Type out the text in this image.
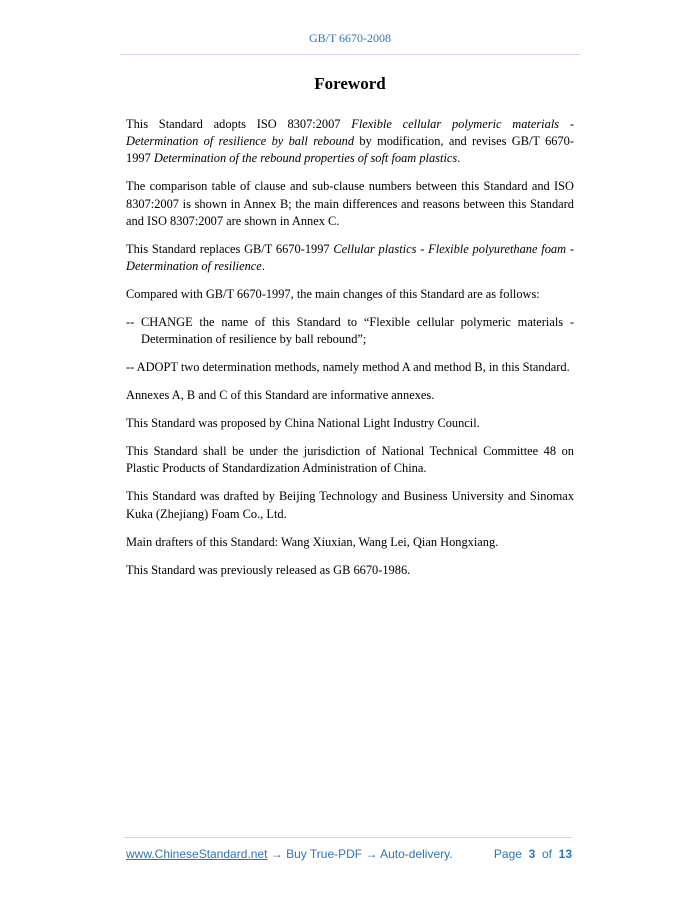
GB/T 6670-2008
Foreword

This Standard adopts ISO 8307:2007 Flexible cellular polymeric materials - Determination of resilience by ball rebound by modification, and revises GB/T 6670-1997 Determination of the rebound properties of soft foam plastics.

The comparison table of clause and sub-clause numbers between this Standard and ISO 8307:2007 is shown in Annex B; the main differences and reasons between this Standard and ISO 8307:2007 are shown in Annex C.

This Standard replaces GB/T 6670-1997 Cellular plastics - Flexible polyurethane foam - Determination of resilience.

Compared with GB/T 6670-1997, the main changes of this Standard are as follows:

-- CHANGE the name of this Standard to “Flexible cellular polymeric materials - Determination of resilience by ball rebound”;

-- ADOPT two determination methods, namely method A and method B, in this Standard.

Annexes A, B and C of this Standard are informative annexes.

This Standard was proposed by China National Light Industry Council.

This Standard shall be under the jurisdiction of National Technical Committee 48 on Plastic Products of Standardization Administration of China.

This Standard was drafted by Beijing Technology and Business University and Sinomax Kuka (Zhejiang) Foam Co., Ltd.

Main drafters of this Standard: Wang Xiuxian, Wang Lei, Qian Hongxiang.

This Standard was previously released as GB 6670-1986.

www.ChineseStandard.net → Buy True-PDF → Auto-delivery.	Page 3 of 13
